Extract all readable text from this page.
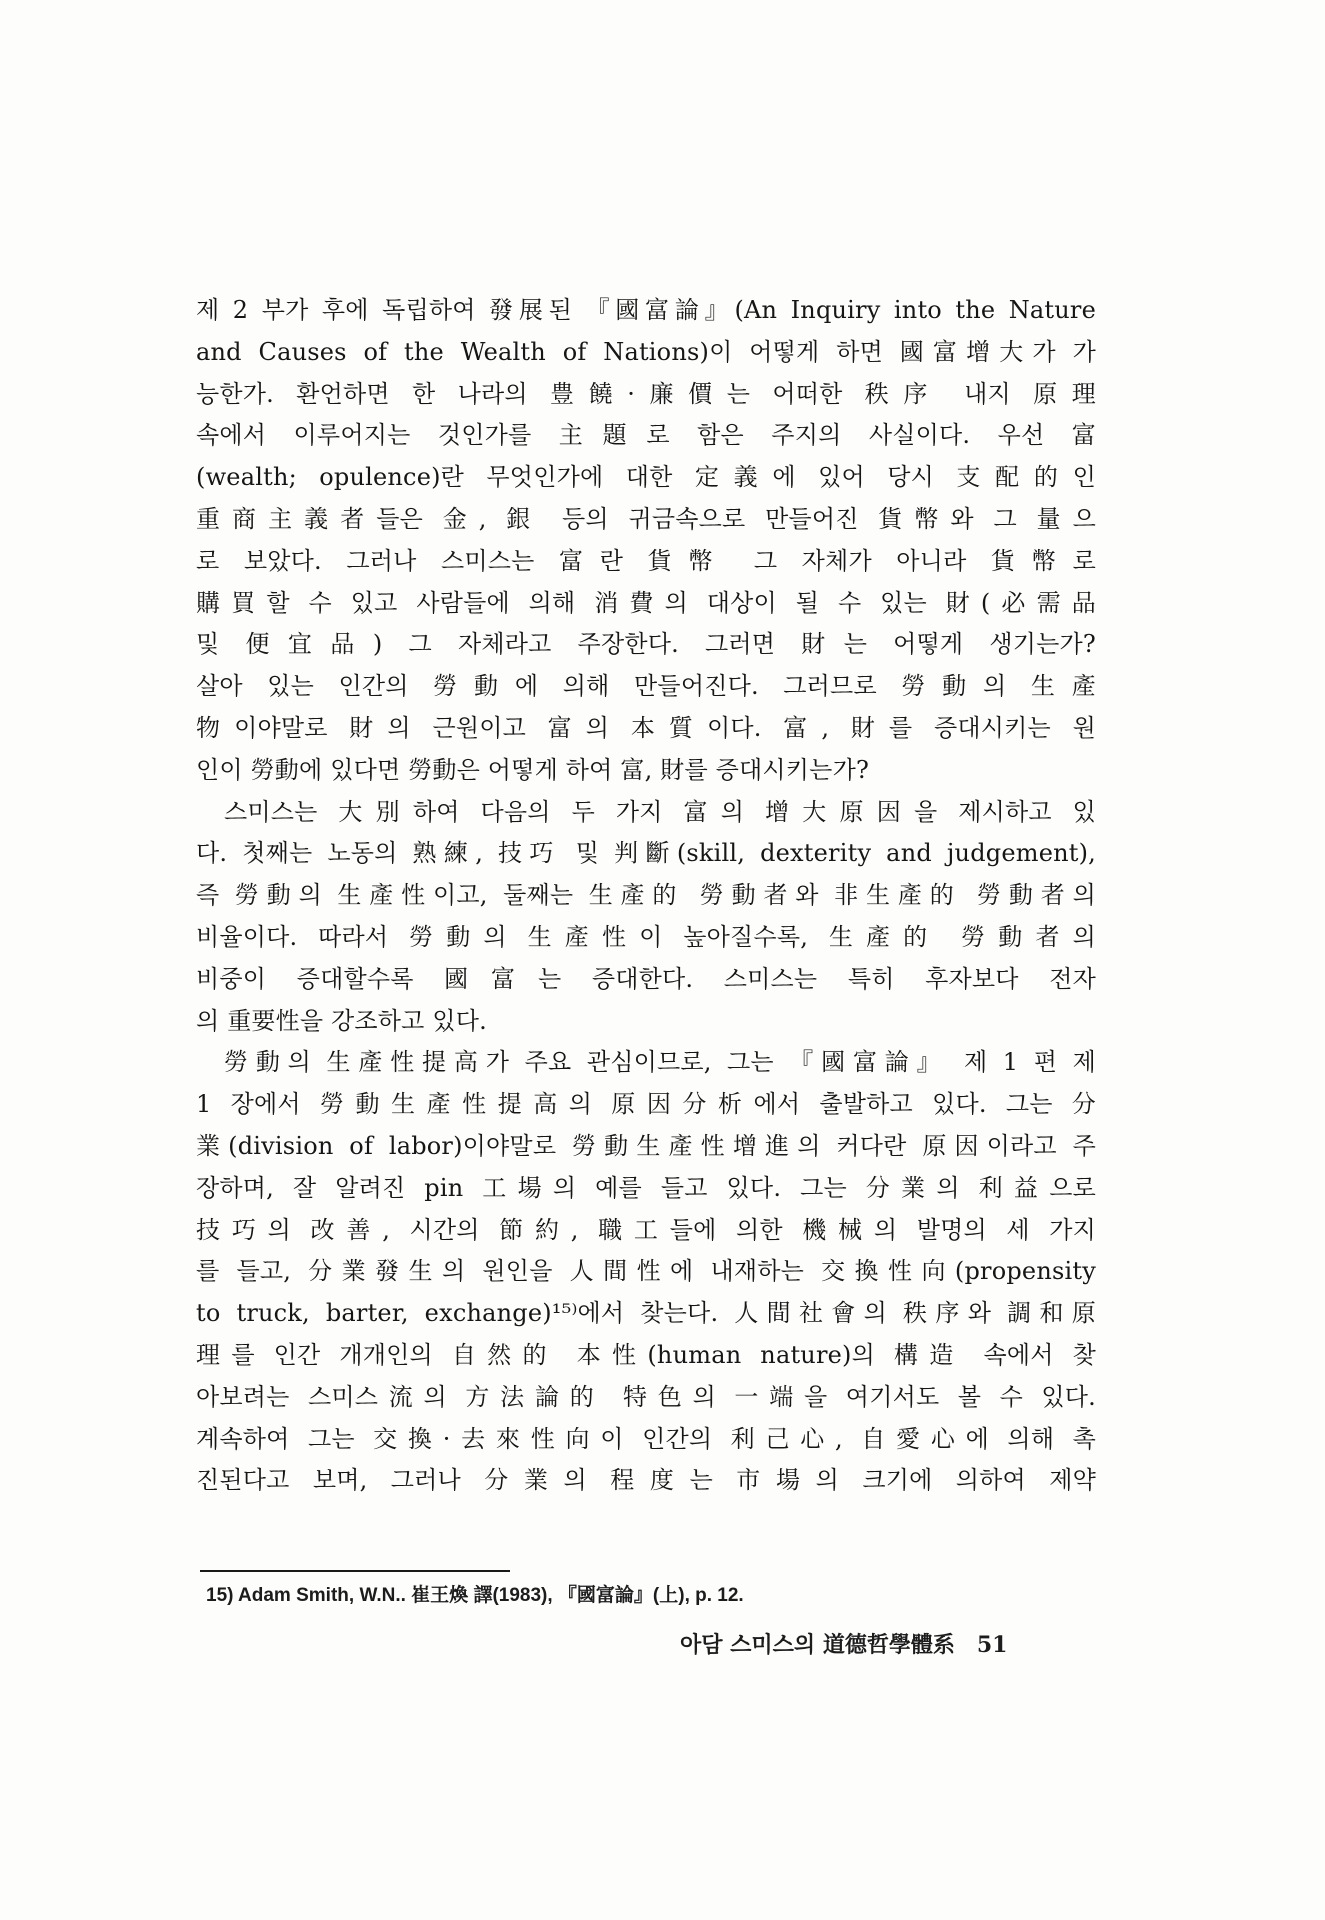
제 2 부가 후에 독립하여 發展된 『國富論』(An Inquiry into the Nature
and Causes of the Wealth of Nations)이 어떻게 하면 國富增大가 가
능한가. 환언하면 한 나라의 豊饒·廉價는 어떠한 秩序 내지 原理
속에서 이루어지는 것인가를 主題로 함은 주지의 사실이다. 우선 富
(wealth; opulence)란 무엇인가에 대한 定義에 있어 당시 支配的인
重商主義者들은 金, 銀 등의 귀금속으로 만들어진 貨幣와 그 量으
로 보았다. 그러나 스미스는 富란 貨幣 그 자체가 아니라 貨幣로
購買할 수 있고 사람들에 의해 消費의 대상이 될 수 있는 財(必需品
및 便宜品) 그 자체라고 주장한다. 그러면 財는 어떻게 생기는가?
살아 있는 인간의 勞動에 의해 만들어진다. 그러므로 勞動의 生產
物이야말로 財의 근원이고 富의 本質이다. 富, 財를 증대시키는 원
인이 勞動에 있다면 勞動은 어떻게 하여 富, 財를 증대시키는가?
스미스는 大別하여 다음의 두 가지 富의 增大原因을 제시하고 있
다. 첫째는 노동의 熟練, 技巧 및 判斷(skill, dexterity and judgement),
즉 勞動의 生產性이고, 둘째는 生產的 勞動者와 非生產的 勞動者의
비율이다. 따라서 勞動의 生產性이 높아질수록, 生產的 勞動者의
비중이 증대할수록 國富는 증대한다. 스미스는 특히 후자보다 전자
의 重要性을 강조하고 있다.
勞動의 生產性提高가 주요 관심이므로, 그는 『國富論』 제 1 편 제
1 장에서 勞動生產性提高의 原因分析에서 출발하고 있다. 그는 分
業(division of labor)이야말로 勞動生產性增進의 커다란 原因이라고 주
장하며, 잘 알려진 pin 工場의 예를 들고 있다. 그는 分業의 利益으로
技巧의 改善, 시간의 節約, 職工들에 의한 機械의 발명의 세 가지
를 들고, 分業發生의 원인을 人間性에 내재하는 交換性向(propensity
to truck, barter, exchange)¹⁵⁾에서 찾는다. 人間社會의 秩序와 調和原
理를 인간 개개인의 自然的 本性(human nature)의 構造 속에서 찾
아보려는 스미스流의 方法論的 特色의 一端을 여기서도 볼 수 있다.
계속하여 그는 交換·去來性向이 인간의 利己心, 自愛心에 의해 촉
진된다고 보며, 그러나 分業의 程度는 市場의 크기에 의하여 제약
15) Adam Smith, W.N.. 崔王煥 譯(1983), 『國富論』(上), p. 12.
아담 스미스의 道德哲學體系 51
